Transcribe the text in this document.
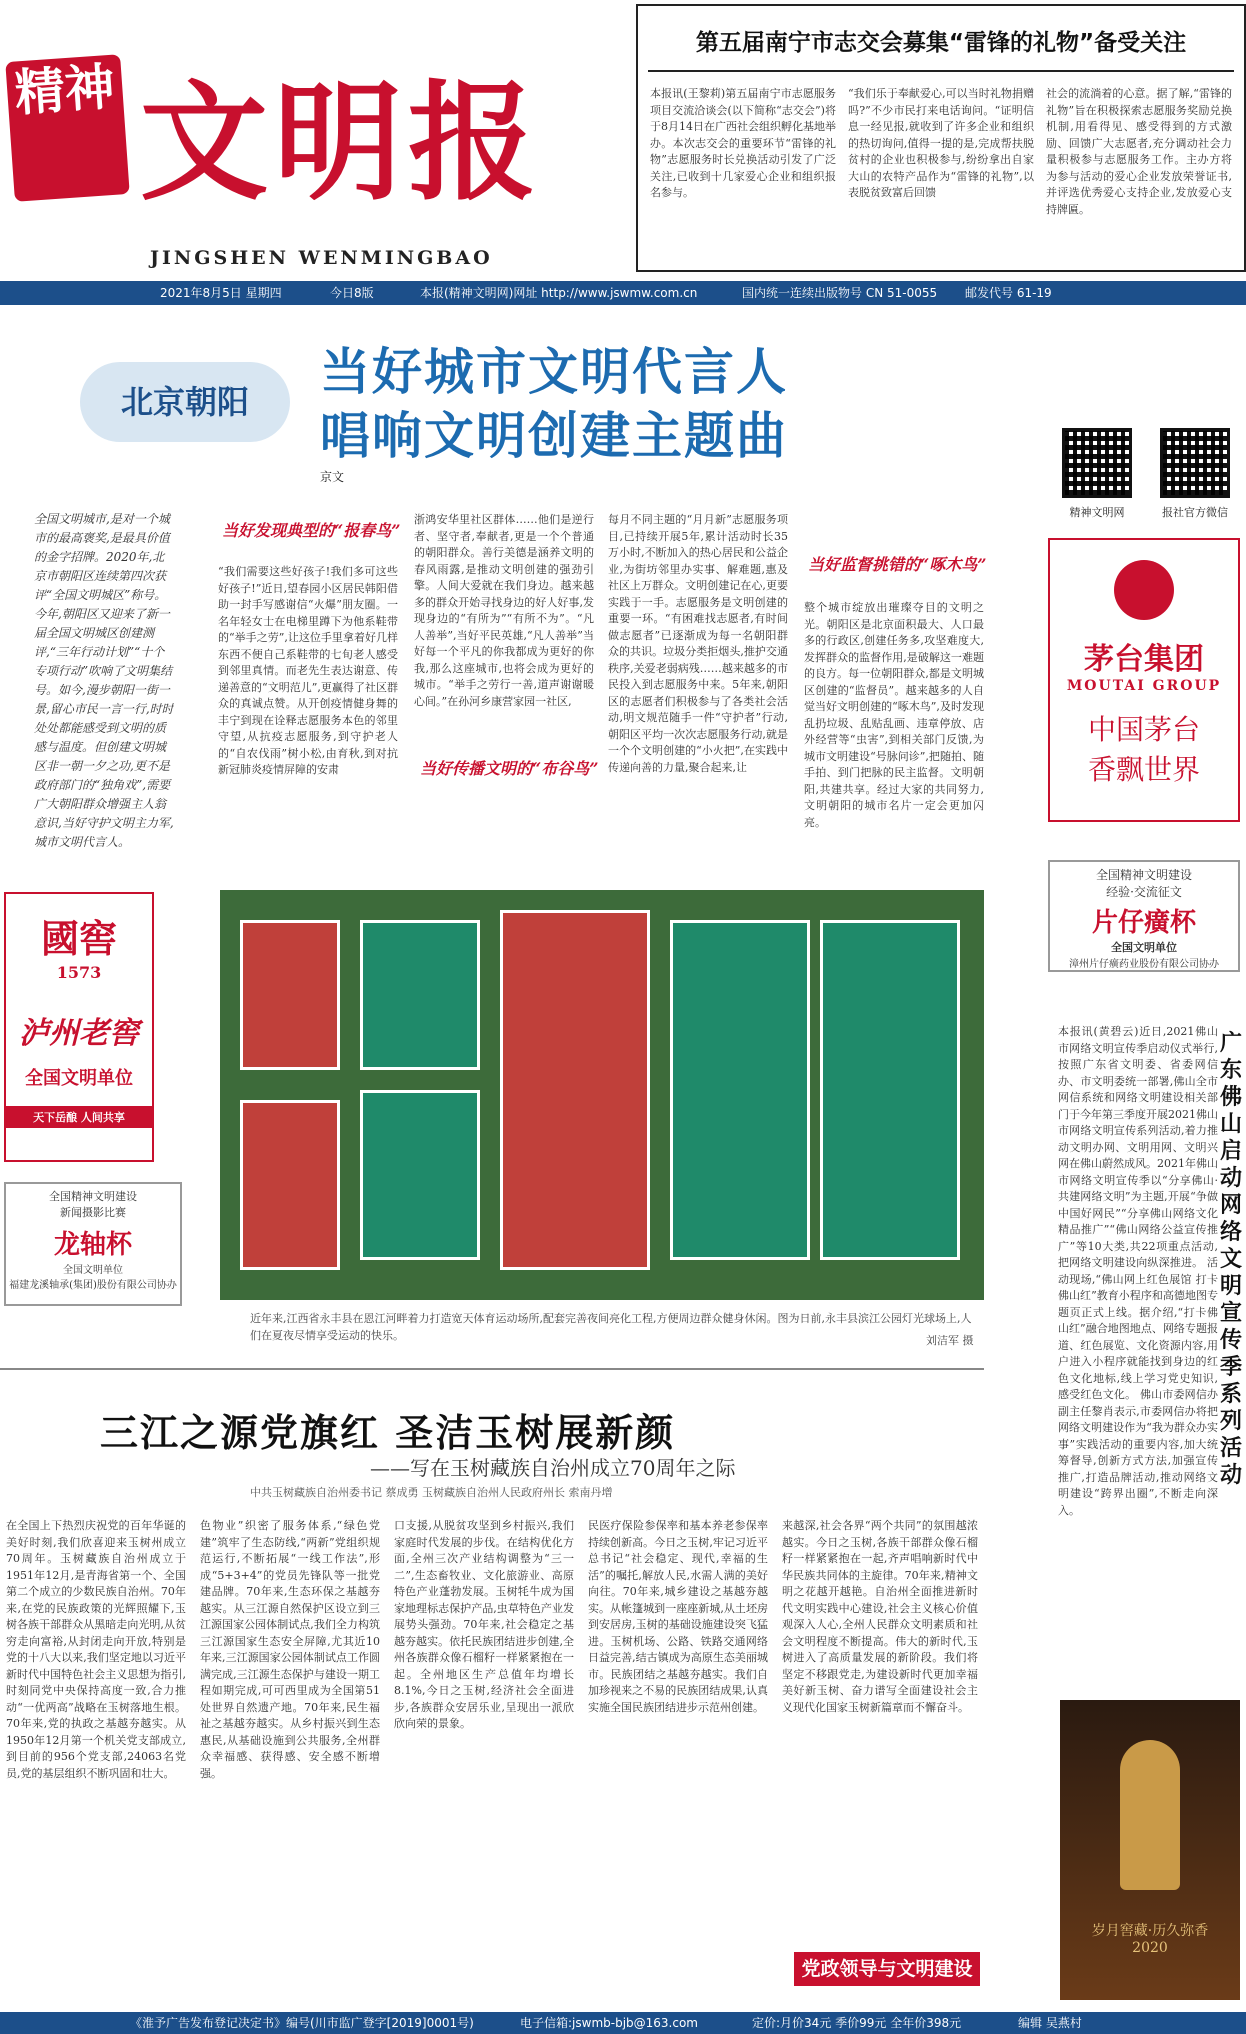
精神 文明报
JINGSHEN WENMINGBAO
第五届南宁市志交会募集“雷锋的礼物”备受关注
本报讯(王黎莉)第五届南宁市志愿服务项目交流洽谈会(以下简称“志交会”)将于8月14日在广西社会组织孵化基地举办。本次志交会的重要环节“雷锋的礼物”志愿服务时长兑换活动引发了广泛关注,已收到十几家爱心企业和组织报名参与。
“我们乐于奉献爱心,可以当时礼物捐赠吗?”不少市民打来电话询问。“证明信息一经见报,就收到了许多企业和组织的热切询问,值得一提的是,完成帮扶脱贫村的企业也积极参与,纷纷拿出自家大山的农特产品作为“雷锋的礼物”,以表脱贫致富后回馈
社会的流淌着的心意。据了解,“雷锋的礼物”旨在积极探索志愿服务奖励兑换机制,用看得见、感受得到的方式激励、回馈广大志愿者,充分调动社会力量积极参与志愿服务工作。主办方将为参与活动的爱心企业发放荣誉证书,并评选优秀爱心支持企业,发放爱心支持牌匾。
2021年8月5日 星期四	今日8版	本报(精神文明网)网址 http://www.jswmw.com.cn	国内统一连续出版物号 CN 51-0055 邮发代号 61-19
北京朝阳
当好城市文明代言人
唱响文明创建主题曲
京文
精神文明网	报社官方微信
全国文明城市,是对一个城市的最高褒奖,是最具价值的金字招牌。2020年,北京市朝阳区连续第四次获评“全国文明城区”称号。今年,朝阳区又迎来了新一届全国文明城区创建测评,“三年行动计划”“十个专项行动”吹响了文明集结号。如今,漫步朝阳一街一景,留心市民一言一行,时时处处都能感受到文明的质感与温度。但创建文明城区非一朝一夕之功,更不是政府部门的“独角戏”,需要广大朝阳群众增强主人翁意识,当好守护文明主力军,城市文明代言人。
当好发现典型的“报春鸟”
“我们需要这些好孩子!我们多可这些好孩子!”近日,望春园小区居民韩阳借助一封手写感谢信“火爆”朋友圈。一名年轻女士在电梯里蹲下为他系鞋带的“举手之劳”,让这位手里拿着好几样东西不便自己系鞋带的七旬老人感受到邻里真情。而老先生表达谢意、传递善意的“文明范儿”,更赢得了社区群众的真诚点赞。从开创疫情健身舞的丰宁到现在诠释志愿服务本色的邻里守望,从抗疫志愿服务,到守护老人的“自农伐雨”树小松,由育秋,到对抗新冠肺炎疫情屏障的安肃
浙鸿安华里社区群体……他们是逆行者、坚守者,奉献者,更是一个个普通的朝阳群众。善行美德是涵养文明的春风雨露,是推动文明创建的强劲引擎。人间大爱就在我们身边。越来越多的群众开始寻找身边的好人好事,发现身边的“有所为”“有所不为”。“凡人善举”,当好平民英雄,“凡人善举”当好每一个平凡的你我都成为更好的你我,那么这座城市,也将会成为更好的城市。“举手之劳行一善,道声谢谢暖心间。”在孙河乡康营家园一社区,
当好传播文明的“布谷鸟”
每月不同主题的“月月新”志愿服务项目,已持续开展5年,累计活动时长35万小时,不断加入的热心居民和公益企业,为街坊邻里办实事、解难题,惠及社区上万群众。文明创建记在心,更要实践于一手。志愿服务是文明创建的重要一环。“有困难找志愿者,有时间做志愿者”已逐渐成为每一名朝阳群众的共识。垃圾分类拒烟头,推护交通秩序,关爱老弱病残……越来越多的市民投入到志愿服务中来。5年来,朝阳区的志愿者们积极参与了各类社会活动,明文规范随手一件“守护者”行动,朝阳区平均一次次志愿服务行动,就是一个个文明创建的“小火把”,在实践中传递向善的力量,聚合起来,让
当好监督挑错的“啄木鸟”
整个城市绽放出璀璨夺目的文明之光。朝阳区是北京面积最大、人口最多的行政区,创建任务多,攻坚难度大,发挥群众的监督作用,是破解这一难题的良方。每一位朝阳群众,都是文明城区创建的“监督员”。越来越多的人自觉当好文明创建的“啄木鸟”,及时发现乱扔垃圾、乱贴乱画、违章停放、店外经营等“虫害”,到相关部门反馈,为城市文明建设“号脉问诊”,把随拍、随手拍、到门把脉的民主监督。文明朝阳,共建共享。经过大家的共同努力,文明朝阳的城市名片一定会更加闪亮。
茅台集团
MOUTAI GROUP
中国茅台
香飘世界
全国精神文明建设
经验·交流征文
片仔癀杯
全国文明单位
漳州片仔癀药业股份有限公司协办
國窖
1573
泸州老窖
全国文明单位
天下岳酿 人间共享
全国精神文明建设
新闻摄影比赛
龙轴杯
全国文明单位
福建龙溪轴承(集团)股份有限公司协办
近年来,江西省永丰县在恩江河畔着力打造宽天体育运动场所,配套完善夜间亮化工程,方便周边群众健身休闲。图为日前,永丰县滨江公园灯光球场上,人们在夏夜尽情享受运动的快乐。	刘洁军 摄
本报讯(黄碧云)近日,2021佛山市网络文明宣传季启动仪式举行,按照广东省文明委、省委网信办、市文明委统一部署,佛山全市网信系统和网络文明建设相关部门于今年第三季度开展2021佛山市网络文明宣传系列活动,着力推动文明办网、文明用网、文明兴网在佛山蔚然成风。2021年佛山市网络文明宣传季以“分享佛山·共建网络文明”为主题,开展“争做中国好网民”“分享佛山网络文化精品推广”“佛山网络公益宣传推广”等10大类,共22项重点活动,把网络文明建设向纵深推进。 活动现场,“佛山网上红色展馆 打卡佛山红”教育小程序和高德地图专题页正式上线。据介绍,“打卡佛山红”融合地图地点、网络专题报道、红色展览、文化资源内容,用户进入小程序就能找到身边的红色文化地标,线上学习党史知识,感受红色文化。 佛山市委网信办副主任黎肖表示,市委网信办将把网络文明建设作为“我为群众办实事”实践活动的重要内容,加大统筹督导,创新方式方法,加强宣传推广,打造品牌活动,推动网络文明建设“跨界出圈”,不断走向深入。
广东佛山启动网络文明宣传季系列活动
岁月窖藏·历久弥香
2020
三江之源党旗红 圣洁玉树展新颜
——写在玉树藏族自治州成立70周年之际
中共玉树藏族自治州委书记 蔡成勇 玉树藏族自治州人民政府州长 索南丹增
在全国上下热烈庆祝党的百年华诞的美好时刻,我们欣喜迎来玉树州成立70周年。玉树藏族自治州成立于1951年12月,是青海省第一个、全国第二个成立的少数民族自治州。70年来,在党的民族政策的光辉照耀下,玉树各族干部群众从黑暗走向光明,从贫穷走向富裕,从封闭走向开放,特别是党的十八大以来,我们坚定地以习近平新时代中国特色社会主义思想为指引,时刻同党中央保持高度一致,合力推动“一优两高”战略在玉树落地生根。70年来,党的执政之基越夯越实。从1950年12月第一个机关党支部成立,到目前的956个党支部,24063名党员,党的基层组织不断巩固和壮大。
色物业”织密了服务体系,“绿色党建”筑牢了生态防线,“两新”党组织规范运行,不断拓展“一线工作法”,形成“5+3+4”的党员先锋队等一批党建品牌。70年来,生态环保之基越夯越实。从三江源自然保护区设立到三江源国家公园体制试点,我们全力构筑三江源国家生态安全屏障,尤其近10年来,三江源国家公园体制试点工作圆满完成,三江源生态保护与建设一期工程如期完成,可可西里成为全国第51处世界自然遗产地。70年来,民生福祉之基越夯越实。从乡村振兴到生态惠民,从基础设施到公共服务,全州群众幸福感、获得感、安全感不断增强。
口支援,从脱贫攻坚到乡村振兴,我们家庭时代发展的步伐。在结构优化方面,全州三次产业结构调整为“三一二”,生态畜牧业、文化旅游业、高原特色产业蓬勃发展。玉树牦牛成为国家地理标志保护产品,虫草特色产业发展势头强劲。70年来,社会稳定之基越夯越实。依托民族团结进步创建,全州各族群众像石榴籽一样紧紧抱在一起。全州地区生产总值年均增长8.1%,今日之玉树,经济社会全面进步,各族群众安居乐业,呈现出一派欣欣向荣的景象。
民医疗保险参保率和基本养老参保率持续创新高。今日之玉树,牢记习近平总书记“社会稳定、现代,幸福的生活”的嘱托,解放人民,水需人满的美好向往。70年来,城乡建设之基越夯越实。从帐篷城到一座座新城,从土坯房到安居房,玉树的基础设施建设突飞猛进。玉树机场、公路、铁路交通网络日益完善,结古镇成为高原生态美丽城市。民族团结之基越夯越实。我们自加珍视来之不易的民族团结成果,认真实施全国民族团结进步示范州创建。
来越深,社会各界“两个共同”的氛围越浓越实。今日之玉树,各族干部群众像石榴籽一样紧紧抱在一起,齐声唱响新时代中华民族共同体的主旋律。70年来,精神文明之花越开越艳。自治州全面推进新时代文明实践中心建设,社会主义核心价值观深入人心,全州人民群众文明素质和社会文明程度不断提高。伟大的新时代,玉树进入了高质量发展的新阶段。我们将坚定不移跟党走,为建设新时代更加幸福美好新玉树、奋力谱写全面建设社会主义现代化国家玉树新篇章而不懈奋斗。
党政领导与文明建设
《淮予广告发布登记决定书》编号(川市监广登字[2019]0001号)	电子信箱:jswmb-bjb@163.com	定价:月价34元 季价99元 全年价398元	编辑 吴燕村
